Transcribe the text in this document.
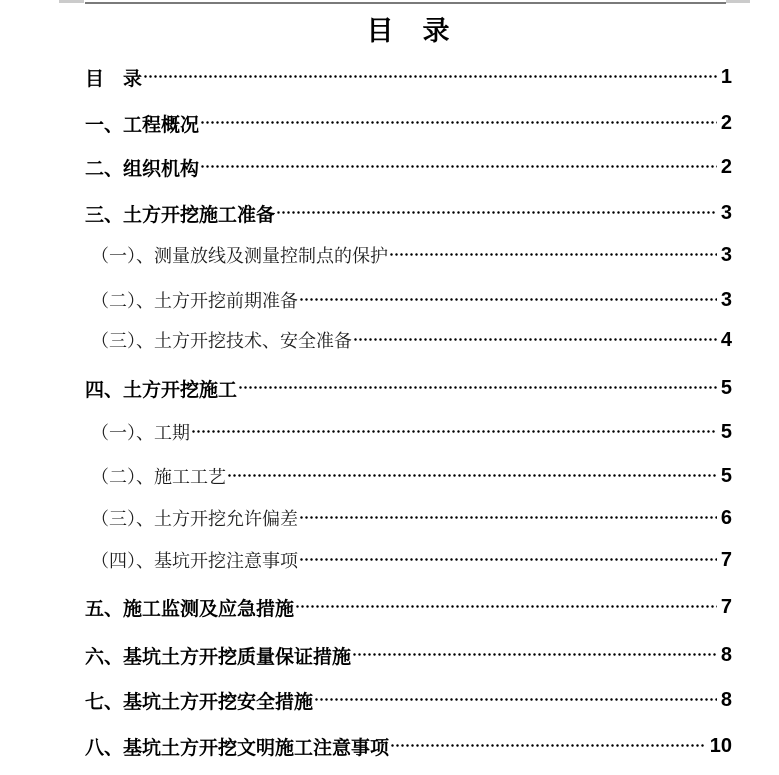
目　录
目　录	1
一、工程概况	2
二、组织机构	2
三、土方开挖施工准备	3
（一）、测量放线及测量控制点的保护	3
（二）、土方开挖前期准备	3
（三）、土方开挖技术、安全准备	4
四、土方开挖施工	5
（一）、工期	5
（二）、施工工艺	5
（三）、土方开挖允许偏差	6
（四）、基坑开挖注意事项	7
五、施工监测及应急措施	7
六、基坑土方开挖质量保证措施	8
七、基坑土方开挖安全措施	8
八、基坑土方开挖文明施工注意事项	10
